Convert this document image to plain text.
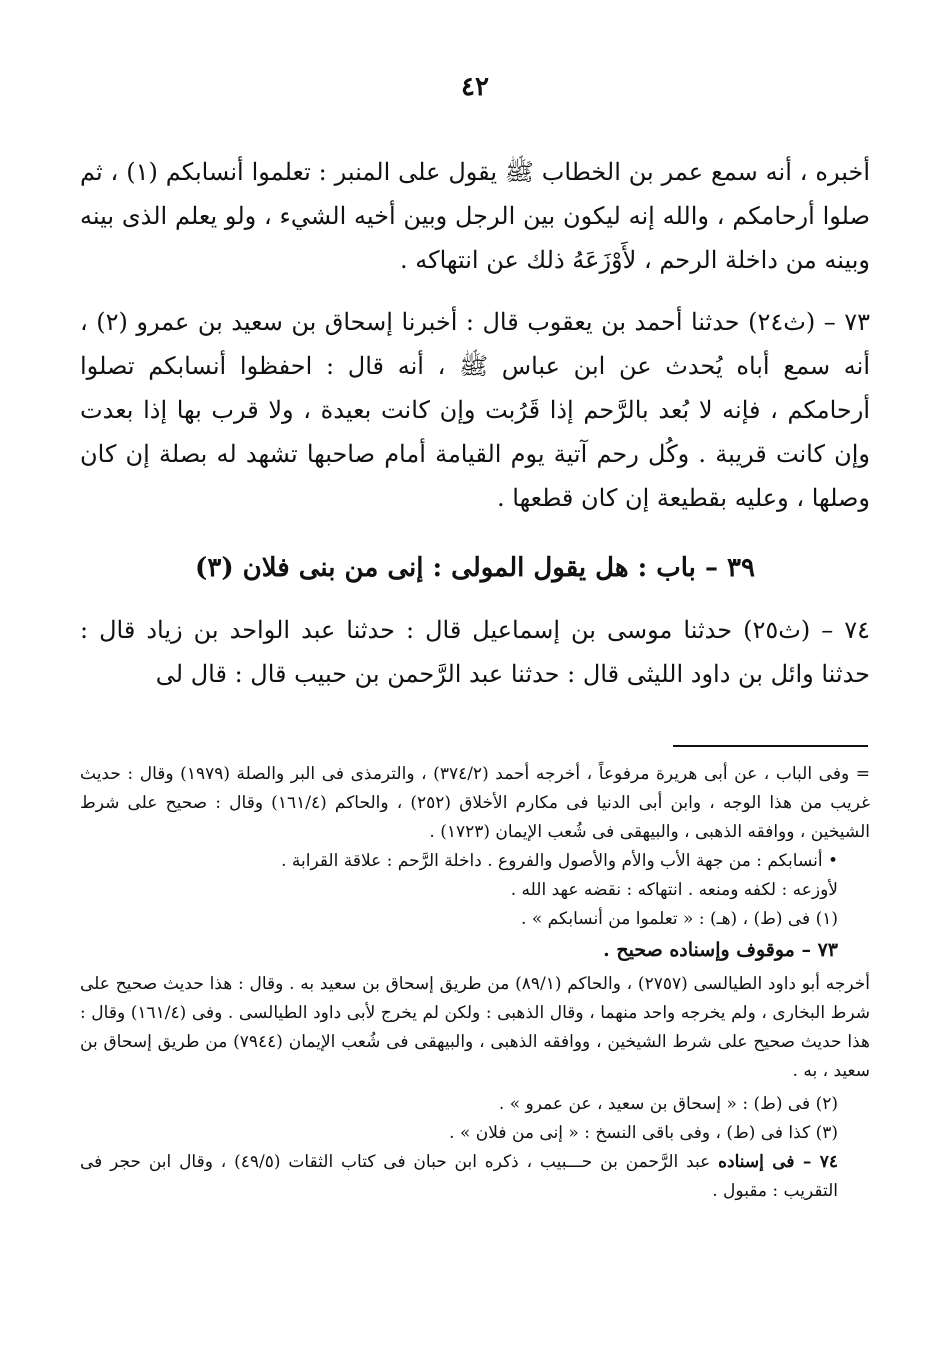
٤٢

أخبره ، أنه سمع عمر بن الخطاب ﷺ يقول على المنبر : تعلموا أنسابكم (١) ، ثم صلوا أرحامكم ، والله إنه ليكون بين الرجل وبين أخيه الشيء ، ولو يعلم الذى بينه وبينه من داخلة الرحم ، لأَوْزَعَهُ ذلك عن انتهاكه .

٧٣ – (ث٢٤) حدثنا أحمد بن يعقوب قال : أخبرنا إسحاق بن سعيد بن عمرو (٢) ، أنه سمع أباه يُحدث عن ابن عباس ﷺ ، أنه قال : احفظوا أنسابكم تصلوا أرحامكم ، فإنه لا بُعد بالرَّحم إذا قَرُبت وإن كانت بعيدة ، ولا قرب بها إذا بعدت وإن كانت قريبة . وكُل رحم آتية يوم القيامة أمام صاحبها تشهد له بصلة إن كان وصلها ، وعليه بقطيعة إن كان قطعها .

٣٩ – باب : هل يقول المولى : إنى من بنى فلان (٣)

٧٤ – (ث٢٥) حدثنا موسى بن إسماعيل قال : حدثنا عبد الواحد بن زياد قال : حدثنا وائل بن داود الليثى قال : حدثنا عبد الرَّحمن بن حبيب قال : قال لى

= وفى الباب ، عن أبى هريرة مرفوعاً ، أخرجه أحمد (٣٧٤/٢) ، والترمذى فى البر والصلة (١٩٧٩) وقال : حديث غريب من هذا الوجه ، وابن أبى الدنيا فى مكارم الأخلاق (٢٥٢) ، والحاكم (١٦١/٤) وقال : صحيح على شرط الشيخين ، ووافقه الذهبى ، والبيهقى فى شُعب الإيمان (١٧٢٣) .

• أنسابكم : من جهة الأب والأم والأصول والفروع . داخلة الرَّحم : علاقة القرابة .

لأوزعه : لكفه ومنعه . انتهاكه : نقضه عهد الله .

(١) فى (ط) ، (هـ) : « تعلموا من أنسابكم » .

٧٣ – موقوف وإسناده صحيح .

أخرجه أبو داود الطيالسى (٢٧٥٧) ، والحاكم (٨٩/١) من طريق إسحاق بن سعيد به . وقال : هذا حديث صحيح على شرط البخارى ، ولم يخرجه واحد منهما ، وقال الذهبى : ولكن لم يخرج لأبى داود الطيالسى . وفى (١٦١/٤) وقال : هذا حديث صحيح على شرط الشيخين ، ووافقه الذهبى ، والبيهقى فى شُعب الإيمان (٧٩٤٤) من طريق إسحاق بن سعيد ، به .

(٢) فى (ط) : « إسحاق بن سعيد ، عن عمرو » .

(٣) كذا فى (ط) ، وفى باقى النسخ : « إنى من فلان » .

٧٤ – فى إسناده عبد الرَّحمن بن حـــبيب ، ذكره ابن حبان فى كتاب الثقات (٤٩/٥) ، وقال ابن حجر فى التقريب : مقبول .
